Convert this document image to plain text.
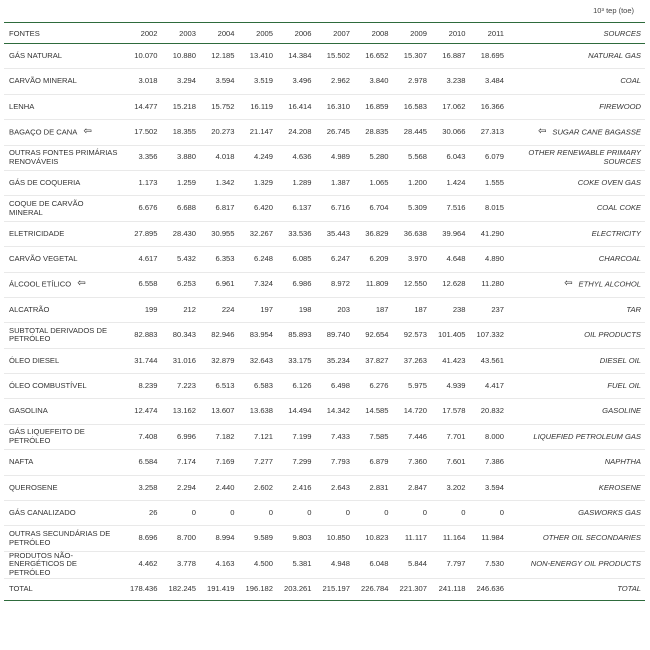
10³ tep (toe)
FONTES	2002	2003	2004	2005	2006	2007	2008	2009	2010	2011	SOURCES
GÁS NATURAL	10.070	10.880	12.185	13.410	14.384	15.502	16.652	15.307	16.887	18.695	NATURAL GAS
CARVÃO MINERAL	3.018	3.294	3.594	3.519	3.496	2.962	3.840	2.978	3.238	3.484	COAL
LENHA	14.477	15.218	15.752	16.119	16.414	16.310	16.859	16.583	17.062	16.366	FIREWOOD
BAGAÇO DE CANA ⇦	17.502	18.355	20.273	21.147	24.208	26.745	28.835	28.445	30.066	27.313	⇦ SUGAR CANE BAGASSE
OUTRAS FONTES PRIMÁRIAS RENOVÁVEIS	3.356	3.880	4.018	4.249	4.636	4.989	5.280	5.568	6.043	6.079	OTHER RENEWABLE PRIMARY SOURCES
GÁS DE COQUERIA	1.173	1.259	1.342	1.329	1.289	1.387	1.065	1.200	1.424	1.555	COKE OVEN GAS
COQUE DE CARVÃO MINERAL	6.676	6.688	6.817	6.420	6.137	6.716	6.704	5.309	7.516	8.015	COAL COKE
ELETRICIDADE	27.895	28.430	30.955	32.267	33.536	35.443	36.829	36.638	39.964	41.290	ELECTRICITY
CARVÃO VEGETAL	4.617	5.432	6.353	6.248	6.085	6.247	6.209	3.970	4.648	4.890	CHARCOAL
ÁLCOOL ETÍLICO ⇦	6.558	6.253	6.961	7.324	6.986	8.972	11.809	12.550	12.628	11.280	⇦ ETHYL ALCOHOL
ALCATRÃO	199	212	224	197	198	203	187	187	238	237	TAR
SUBTOTAL DERIVADOS DE PETRÓLEO	82.883	80.343	82.946	83.954	85.893	89.740	92.654	92.573	101.405	107.332	OIL PRODUCTS
ÓLEO DIESEL	31.744	31.016	32.879	32.643	33.175	35.234	37.827	37.263	41.423	43.561	DIESEL OIL
ÓLEO COMBUSTÍVEL	8.239	7.223	6.513	6.583	6.126	6.498	6.276	5.975	4.939	4.417	FUEL OIL
GASOLINA	12.474	13.162	13.607	13.638	14.494	14.342	14.585	14.720	17.578	20.832	GASOLINE
GÁS LIQUEFEITO DE PETRÓLEO	7.408	6.996	7.182	7.121	7.199	7.433	7.585	7.446	7.701	8.000	LIQUEFIED PETROLEUM GAS
NAFTA	6.584	7.174	7.169	7.277	7.299	7.793	6.879	7.360	7.601	7.386	NAPHTHA
QUEROSENE	3.258	2.294	2.440	2.602	2.416	2.643	2.831	2.847	3.202	3.594	KEROSENE
GÁS CANALIZADO	26	0	0	0	0	0	0	0	0	0	GASWORKS GAS
OUTRAS SECUNDÁRIAS DE PETRÓLEO	8.696	8.700	8.994	9.589	9.803	10.850	10.823	11.117	11.164	11.984	OTHER OIL SECONDARIES
PRODUTOS NÃO-ENERGÉTICOS DE PETRÓLEO	4.462	3.778	4.163	4.500	5.381	4.948	6.048	5.844	7.797	7.530	NON-ENERGY OIL PRODUCTS
TOTAL	178.436	182.245	191.419	196.182	203.261	215.197	226.784	221.307	241.118	246.636	TOTAL
